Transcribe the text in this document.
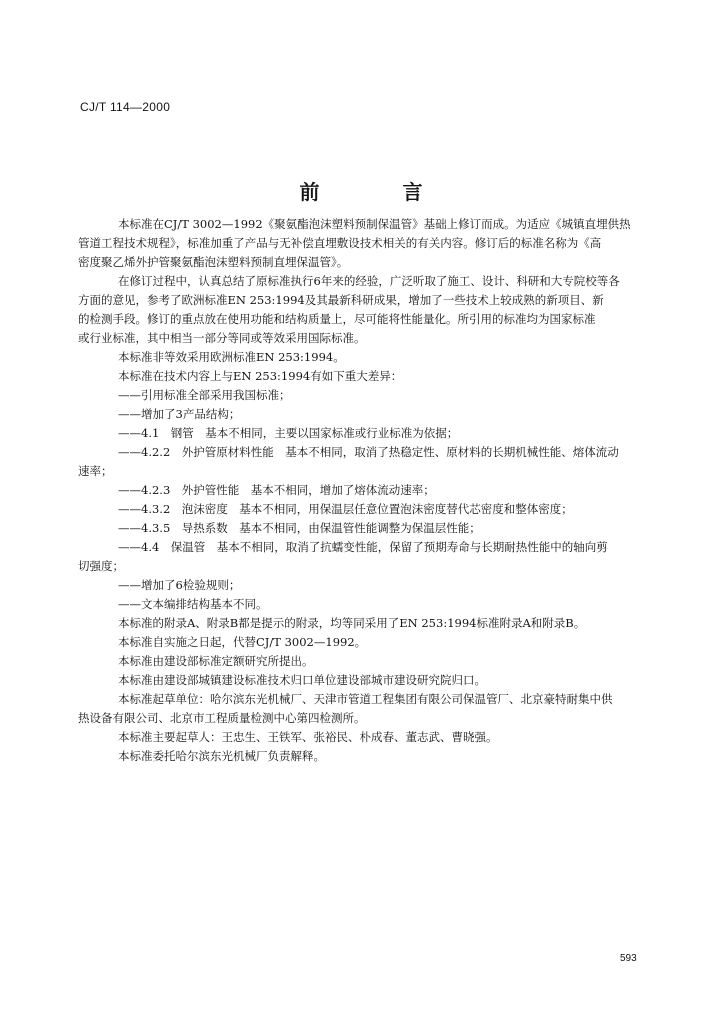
CJ/T 114—2000
前 言
本标准在CJ/T 3002—1992《聚氨酯泡沫塑料预制保温管》基础上修订而成。为适应《城镇直埋供热
管道工程技术规程》，标准加重了产品与无补偿直埋敷设技术相关的有关内容。修订后的标准名称为《高
密度聚乙烯外护管聚氨酯泡沫塑料预制直埋保温管》。
在修订过程中，认真总结了原标准执行6年来的经验，广泛听取了施工、设计、科研和大专院校等各
方面的意见，参考了欧洲标准EN 253:1994及其最新科研成果，增加了一些技术上较成熟的新项目、新
的检测手段。修订的重点放在使用功能和结构质量上，尽可能将性能量化。所引用的标准均为国家标准
或行业标准，其中相当一部分等同或等效采用国际标准。
本标准非等效采用欧洲标准EN 253:1994。
本标准在技术内容上与EN 253:1994有如下重大差异：
——引用标准全部采用我国标准；
——增加了3产品结构；
——4.1　钢管　基本不相同，主要以国家标准或行业标准为依据；
——4.2.2　外护管原材料性能　基本不相同，取消了热稳定性、原材料的长期机械性能、熔体流动
速率；
——4.2.3　外护管性能　基本不相同，增加了熔体流动速率；
——4.3.2　泡沫密度　基本不相同，用保温层任意位置泡沫密度替代芯密度和整体密度；
——4.3.5　导热系数　基本不相同，由保温管性能调整为保温层性能；
——4.4　保温管　基本不相同，取消了抗蠕变性能，保留了预期寿命与长期耐热性能中的轴向剪
切强度；
——增加了6检验规则；
——文本编排结构基本不同。
本标准的附录A、附录B都是提示的附录，均等同采用了EN 253:1994标准附录A和附录B。
本标准自实施之日起，代替CJ/T 3002—1992。
本标准由建设部标准定额研究所提出。
本标准由建设部城镇建设标准技术归口单位建设部城市建设研究院归口。
本标准起草单位：哈尔滨东光机械厂、天津市管道工程集团有限公司保温管厂、北京豪特耐集中供
热设备有限公司、北京市工程质量检测中心第四检测所。
本标准主要起草人：王忠生、王铁军、张裕民、朴成春、董志武、曹晓强。
本标准委托哈尔滨东光机械厂负责解释。
593
